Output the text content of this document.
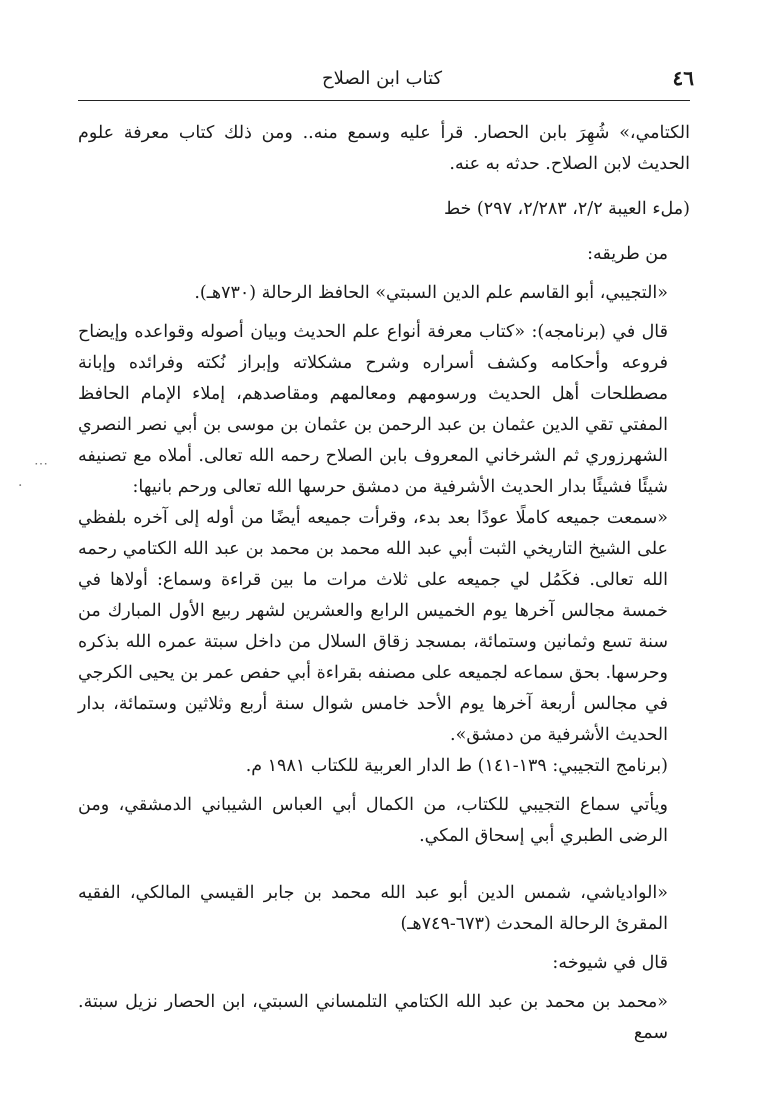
٤٦
كتاب ابن الصلاح

الكتامي،» شُهِرَ بابن الحصار. قرأ عليه وسمع منه.. ومن ذلك كتاب معرفة علوم الحديث لابن الصلاح. حدثه به عنه.

(ملء العيبة ٢/٢، ٢/٢٨٣، ٢٩٧) خط

من طريقه:

«التجيبي، أبو القاسم علم الدين السبتي» الحافظ الرحالة (٧٣٠هـ).

قال في (برنامجه): «كتاب معرفة أنواع علم الحديث وبيان أصوله وقواعده وإيضاح فروعه وأحكامه وكشف أسراره وشرح مشكلاته وإبراز نُكته وفرائده وإبانة مصطلحات أهل الحديث ورسومهم ومعالمهم ومقاصدهم، إملاء الإمام الحافظ المفتي تقي الدين عثمان بن عبد الرحمن بن عثمان بن موسى بن أبي نصر النصري الشهرزوري ثم الشرخاني المعروف بابن الصلاح رحمه الله تعالى. أملاه مع تصنيفه شيئًا فشيئًا بدار الحديث الأشرفية من دمشق حرسها الله تعالى ورحم بانيها:

«سمعت جميعه كاملًا عودًا بعد بدء، وقرأت جميعه أيضًا من أوله إلى آخره بلفظي على الشيخ التاريخي الثبت أبي عبد الله محمد بن محمد بن عبد الله الكتامي رحمه الله تعالى. فكَمُل لي جميعه على ثلاث مرات ما بين قراءة وسماع: أولاها في خمسة مجالس آخرها يوم الخميس الرابع والعشرين لشهر ربيع الأول المبارك من سنة تسع وثمانين وستمائة، بمسجد زقاق السلال من داخل سبتة عمره الله بذكره وحرسها. بحق سماعه لجميعه على مصنفه بقراءة أبي حفص عمر بن يحيى الكرجي في مجالس أربعة آخرها يوم الأحد خامس شوال سنة أربع وثلاثين وستمائة، بدار الحديث الأشرفية من دمشق».

(برنامج التجيبي: ١٣٩-١٤١) ط الدار العربية للكتاب ١٩٨١ م.

ويأتي سماع التجيبي للكتاب، من الكمال أبي العباس الشيباني الدمشقي، ومن الرضى الطبري أبي إسحاق المكي.

«الوادياشي، شمس الدين أبو عبد الله محمد بن جابر القيسي المالكي، الفقيه المقرئ الرحالة المحدث (٦٧٣-٧٤٩هـ)

قال في شيوخه:

«محمد بن محمد بن عبد الله الكتامي التلمساني السبتي، ابن الحصار نزيل سبتة. سمع

·
⋯
